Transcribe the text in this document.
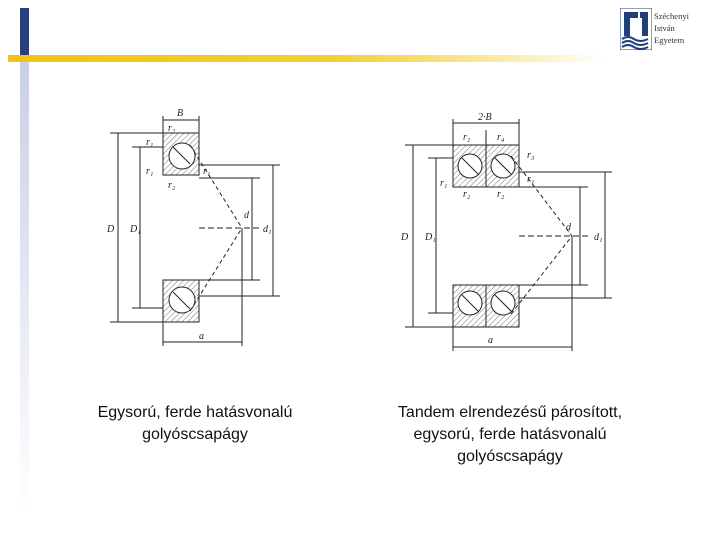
Széchenyi
István
Egyetem
B
r₁
r₂
r₁
r₂
r₁
D D₁
d
d₁
a
2·B
r₂	r₄
r₃
r₁
r₁
r₂	r₂
D D₁
d
d₁
a
Egysorú, ferde hatásvonalú
golyóscsapágy
Tandem elrendezésű párosított,
egysorú, ferde hatásvonalú
golyóscsapágy
